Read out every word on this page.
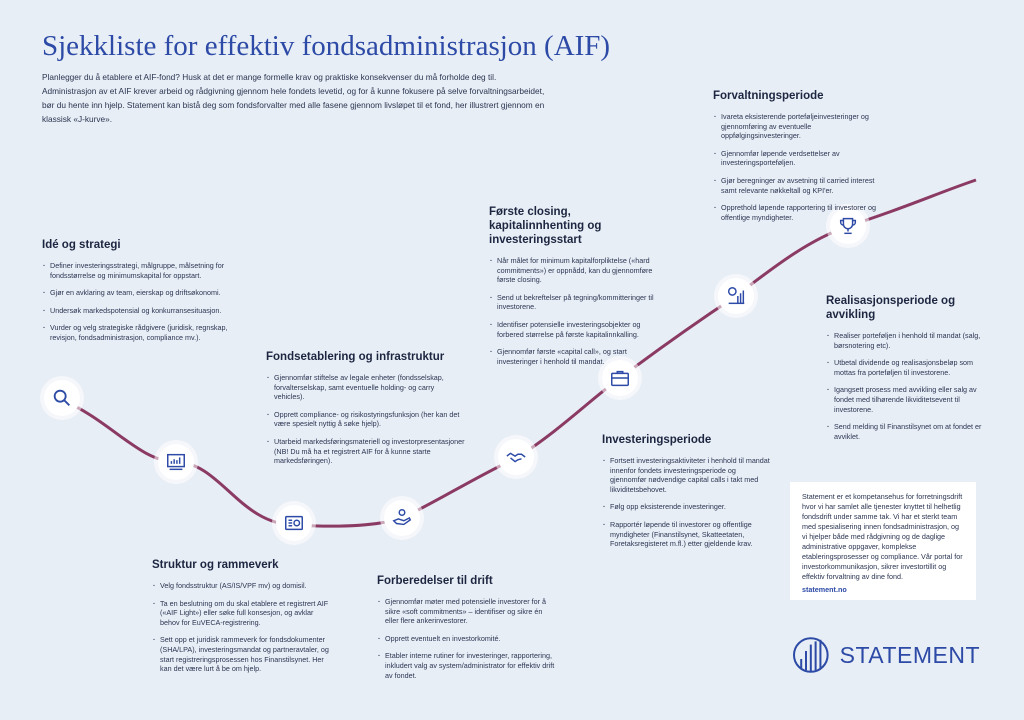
Sjekkliste for effektiv fondsadministrasjon (AIF)

Planlegger du å etablere et AIF-fond? Husk at det er mange formelle krav og praktiske konsekvenser du må forholde deg til. Administrasjon av et AIF krever arbeid og rådgivning gjennom hele fondets levetid, og for å kunne fokusere på selve forvaltningsarbeidet, bør du hente inn hjelp. Statement kan bistå deg som fondsforvalter med alle fasene gjennom livsløpet til et fond, her illustrert gjennom en klassisk «J-kurve».

Idé og strategi
· Definer investeringsstrategi, målgruppe, målsetning for fondsstørrelse og minimumskapital for oppstart.
· Gjør en avklaring av team, eierskap og driftsøkonomi.
· Undersøk markedspotensial og konkurransesituasjon.
· Vurder og velg strategiske rådgivere (juridisk, regnskap, revisjon, fondsadministrasjon, compliance mv.).
Fondsetablering og infrastruktur
· Gjennomfør stiftelse av legale enheter (fondsselskap, forvalterselskap, samt eventuelle holding- og carry vehicles).
· Opprett compliance- og risikostyringsfunksjon (her kan det være spesielt nyttig å søke hjelp).
· Utarbeid markedsføringsmateriell og investorpresentasjoner (NB! Du må ha et registrert AIF for å kunne starte markedsføringen).
Struktur og rammeverk
· Velg fondsstruktur (AS/IS/VPF mv) og domisil.
· Ta en beslutning om du skal etablere et registrert AIF («AIF Light») eller søke full konsesjon, og avklar behov for EuVECA-registrering.
· Sett opp et juridisk rammeverk for fondsdokumenter (SHA/LPA), investeringsmandat og partneravtaler, og start registreringsprosessen hos Finanstilsynet. Her kan det være lurt å be om hjelp.
Forberedelser til drift
· Gjennomfør møter med potensielle investorer for å sikre «soft commitments» – identifiser og sikre én eller flere ankerinvestorer.
· Opprett eventuelt en investorkomité.
· Etabler interne rutiner for investeringer, rapportering, inkludert valg av system/administrator for effektiv drift av fondet.
Første closing, kapitalinnhenting og investeringsstart
· Når målet for minimum kapitalforpliktelse («hard commitments») er oppnådd, kan du gjennomføre første closing.
· Send ut bekreftelser på tegning/kommitteringer til investorene.
· Identifiser potensielle investeringsobjekter og forbered størrelse på første kapitalinnkalling.
· Gjennomfør første «capital call», og start investeringer i henhold til mandat.
Investeringsperiode
· Fortsett investeringsaktiviteter i henhold til mandat innenfor fondets investeringsperiode og gjennomfør nødvendige capital calls i takt med likviditetsbehovet.
· Følg opp eksisterende investeringer.
· Rapportér løpende til investorer og offentlige myndigheter (Finanstilsynet, Skatteetaten, Foretaksregisteret m.fl.) etter gjeldende krav.
Forvaltningsperiode
· Ivareta eksisterende porteføljeinvesteringer og gjennomføring av eventuelle oppfølgingsinvesteringer.
· Gjennomfør løpende verdsettelser av investeringsporteføljen.
· Gjør beregninger av avsetning til carried interest samt relevante nøkkeltall og KPI'er.
· Opprethold løpende rapportering til investorer og offentlige myndigheter.
Realisasjonsperiode og avvikling
· Realiser porteføljen i henhold til mandat (salg, børsnotering etc).
· Utbetal dividende og realisasjonsbeløp som mottas fra porteføljen til investorene.
· Igangsett prosess med avvikling eller salg av fondet med tilhørende likviditetsevent til investorene.
· Send melding til Finanstilsynet om at fondet er avviklet.

Statement er et kompetansehus for forretningsdrift hvor vi har samlet alle tjenester knyttet til helhetlig fondsdrift under samme tak. Vi har et sterkt team med spesialisering innen fondsadministrasjon, og vi hjelper både med rådgivning og de daglige administrative oppgaver, komplekse etableringsprosesser og compliance. Vår portal for investorkommunikasjon, sikrer investortillit og effektiv forvaltning av dine fond.

statement.no

STATEMENT
